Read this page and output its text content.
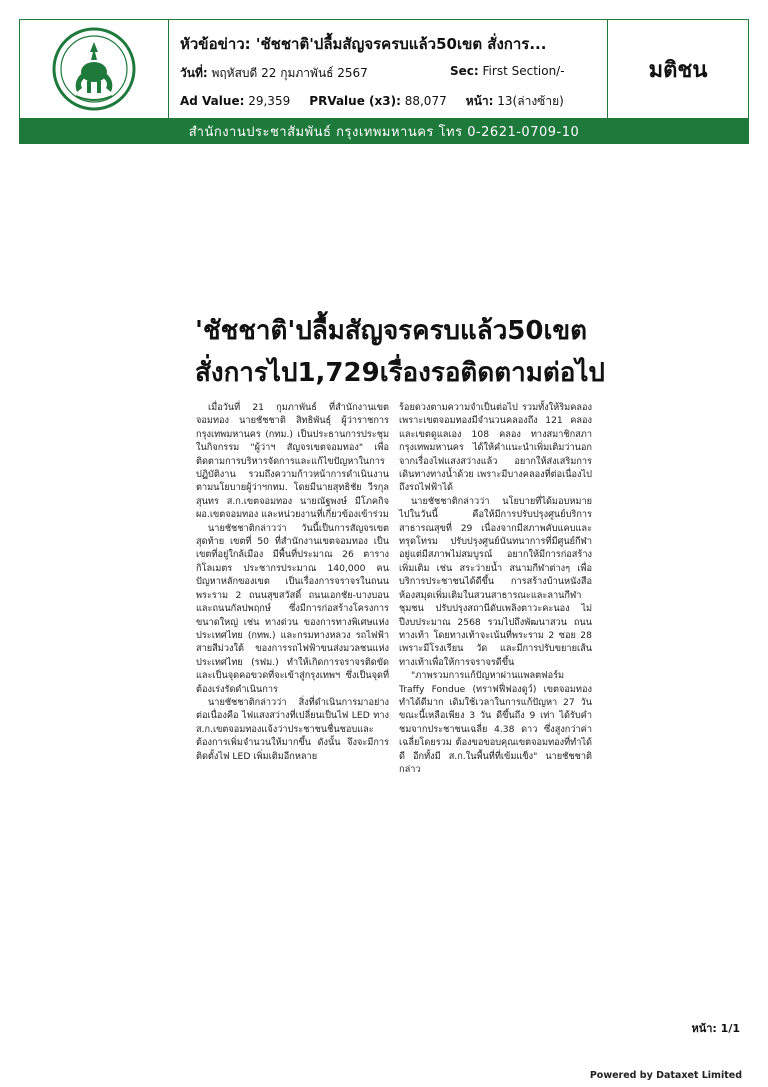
หัวข้อข่าว: 'ชัชชาติ'ปลื้มสัญจรครบแล้ว50เขต สั่งการ...
วันที่: พฤหัสบดี 22 กุมภาพันธ์ 2567	Sec: First Section/-
Ad Value: 29,359 PRValue (x3): 88,077 หน้า: 13(ล่างซ้าย)
มติชน
สำนักงานประชาสัมพันธ์ กรุงเทพมหานคร โทร 0-2621-0709-10
'ชัชชาติ'ปลื้มสัญจรครบแล้ว50เขต
สั่งการไป1,729เรื่องรอติดตามต่อไป

เมื่อวันที่ 21 กุมภาพันธ์ ที่สำนักงานเขตจอมทอง นายชัชชาติ สิทธิพันธุ์ ผู้ว่าราชการกรุงเทพมหานคร (กทม.) เป็นประธานการประชุมในกิจกรรม "ผู้ว่าฯ สัญจรเขตจอมทอง" เพื่อติดตามการบริหารจัดการและแก้ไขปัญหาในการปฏิบัติงาน รวมถึงความก้าวหน้าการดำเนินงานตามนโยบายผู้ว่าฯกทม. โดยมีนายสุทธิชัย วีรกุลสุนทร ส.ก.เขตจอมทอง นายณัฐพงษ์ มีโภคกิจ ผอ.เขตจอมทอง และหน่วยงานที่เกี่ยวข้องเข้าร่วม

นายชัชชาติกล่าวว่า วันนี้เป็นการสัญจรเขตสุดท้าย เขตที่ 50 ที่สำนักงานเขตจอมทอง เป็นเขตที่อยู่ใกล้เมือง มีพื้นที่ประมาณ 26 ตารางกิโลเมตร ประชากรประมาณ 140,000 คน ปัญหาหลักของเขต เป็นเรื่องการจราจรในถนนพระราม 2 ถนนสุขสวัสดิ์ ถนนเอกชัย-บางบอน และถนนกัลปพฤกษ์ ซึ่งมีการก่อสร้างโครงการขนาดใหญ่ เช่น ทางด่วน ของการทางพิเศษแห่งประเทศไทย (กทพ.) และกรมทางหลวง รถไฟฟ้าสายสีม่วงใต้ ของการรถไฟฟ้าขนส่งมวลชนแห่งประเทศไทย (รฟม.) ทำให้เกิดการจราจรติดขัดและเป็นจุดคอขวดที่จะเข้าสู่กรุงเทพฯ ซึ่งเป็นจุดที่ต้องเร่งรัดดำเนินการ

นายชัชชาติกล่าวว่า สิ่งที่ดำเนินการมาอย่างต่อเนื่องคือ ไฟแสงสว่างที่เปลี่ยนเป็นไฟ LED ทาง ส.ก.เขตจอมทองแจ้งว่าประชาชนชื่นชอบและต้องการเพิ่มจำนวนให้มากขึ้น ดังนั้น จึงจะมีการติดตั้งไฟ LED เพิ่มเติมอีกหลาย

ร้อยดวงตามความจำเป็นต่อไป รวมทั้งให้ริมคลองเพราะเขตจอมทองมีจำนวนคลองถึง 121 คลอง และเขตดูแลเอง 108 คลอง ทางสมาชิกสภากรุงเทพมหานคร ได้ให้คำแนะนำเพิ่มเติมว่านอกจากเรื่องไฟแสงสว่างแล้ว อยากให้ส่งเสริมการเดินทางทางน้ำด้วย เพราะมีบางคลองที่ต่อเนื่องไปถึงรถไฟฟ้าได้

นายชัชชาติกล่าวว่า นโยบายที่ได้มอบหมายไปในวันนี้ คือให้มีการปรับปรุงศูนย์บริการสาธารณสุขที่ 29 เนื่องจากมีสภาพคับแคบและทรุดโทรม ปรับปรุงศูนย์นันทนาการที่มีศูนย์กีฬาอยู่แต่มีสภาพไม่สมบูรณ์ อยากให้มีการก่อสร้างเพิ่มเติม เช่น สระว่ายน้ำ สนามกีฬาต่างๆ เพื่อบริการประชาชนได้ดีขึ้น การสร้างบ้านหนังสือ ห้องสมุดเพิ่มเติมในสวนสาธารณะและลานกีฬาชุมชน ปรับปรุงสถานีดับเพลิงตาวะคะนอง ไม่ปีงบประมาณ 2568 รวมไปถึงพัฒนาสวน ถนน ทางเท้า โดยทางเท้าจะเน้นที่พระราม 2 ซอย 28 เพราะมีโรงเรียน วัด และมีการปรับขยายเส้นทางเท้าเพื่อให้การจราจรดีขึ้น

"ภาพรวมการแก้ปัญหาผ่านแพลตฟอร์ม Traffy Fondue (ทราฟฟี่ฟองดูว์) เขตจอมทองทำได้ดีมาก เดิมใช้เวลาในการแก้ปัญหา 27 วัน ขณะนี้เหลือเพียง 3 วัน ดีขึ้นถึง 9 เท่า ได้รับคำชมจากประชาชนเฉลี่ย 4.38 ดาว ซึ่งสูงกว่าค่าเฉลี่ยโดยรวม ต้องขอขอบคุณเขตจอมทองที่ทำได้ดี อีกทั้งมี ส.ก.ในพื้นที่ที่เข้มแข็ง" นายชัชชาติกล่าว

หน้า: 1/1
Powered by Dataxet Limited
